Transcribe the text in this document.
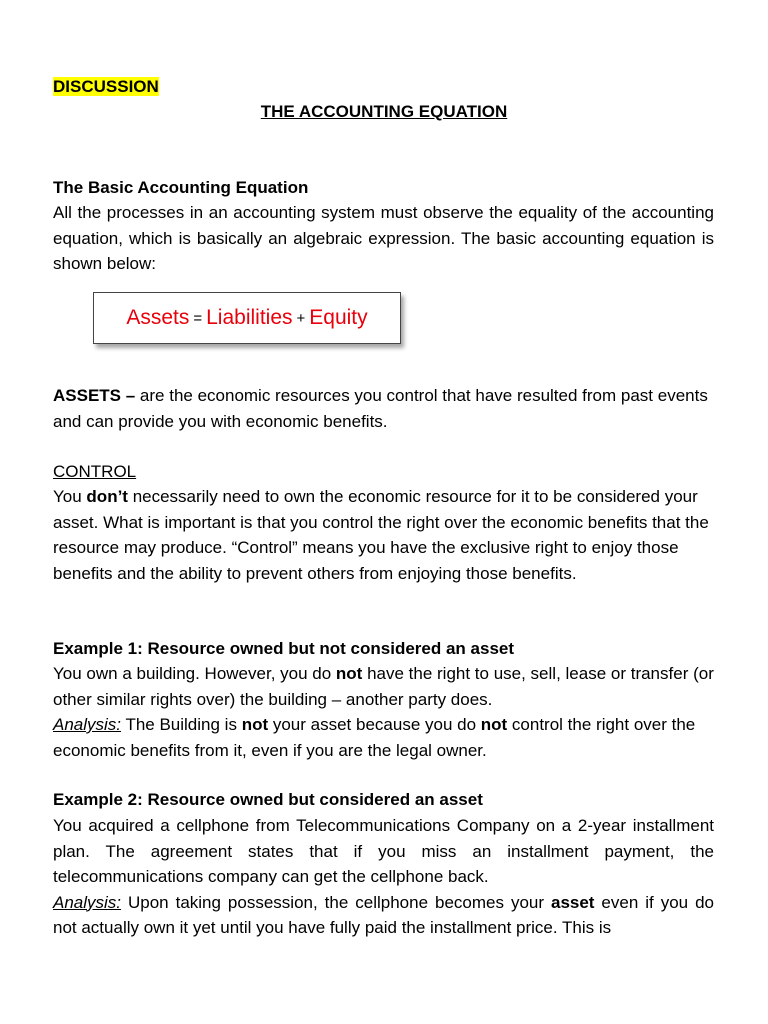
DISCUSSION
THE ACCOUNTING EQUATION
The Basic Accounting Equation
All the processes in an accounting system must observe the equality of the accounting equation, which is basically an algebraic expression. The basic accounting equation is shown below:
Assets = Liabilities + Equity
ASSETS – are the economic resources you control that have resulted from past events and can provide you with economic benefits.
CONTROL
You don’t necessarily need to own the economic resource for it to be considered your asset. What is important is that you control the right over the economic benefits that the resource may produce. “Control” means you have the exclusive right to enjoy those benefits and the ability to prevent others from enjoying those benefits.
Example 1: Resource owned but not considered an asset
You own a building. However, you do not have the right to use, sell, lease or transfer (or other similar rights over) the building – another party does.
Analysis: The Building is not your asset because you do not control the right over the economic benefits from it, even if you are the legal owner.
Example 2: Resource owned but considered an asset
You acquired a cellphone from Telecommunications Company on a 2-year installment plan. The agreement states that if you miss an installment payment, the telecommunications company can get the cellphone back.
Analysis: Upon taking possession, the cellphone becomes your asset even if you do not actually own it yet until you have fully paid the installment price. This is
